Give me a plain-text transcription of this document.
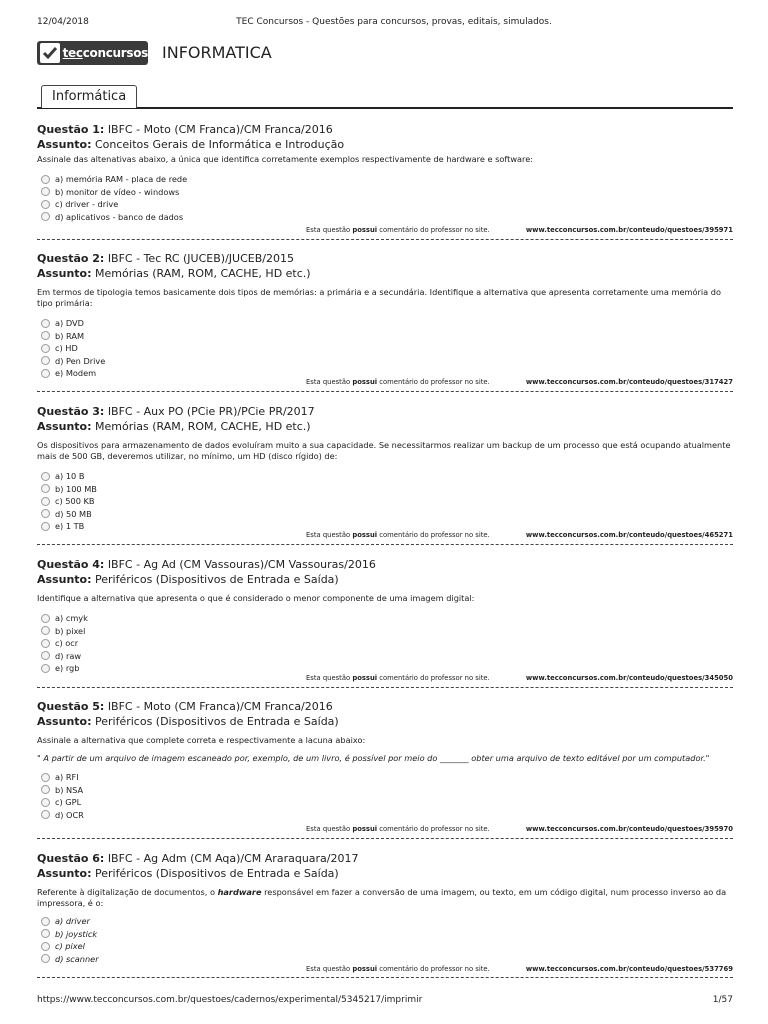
12/04/2018	TEC Concursos - Questões para concursos, provas, editais, simulados.
tecconcursos INFORMATICA
Informática
Questão 1: IBFC - Moto (CM Franca)/CM Franca/2016
Assunto: Conceitos Gerais de Informática e Introdução
Assinale das altenativas abaixo, a única que identifica corretamente exemplos respectivamente de hardware e software:
a) memória RAM - placa de rede
b) monitor de vídeo - windows
c) driver - drive
d) aplicativos - banco de dados
Esta questão possui comentário do professor no site.	www.tecconcursos.com.br/conteudo/questoes/395971
Questão 2: IBFC - Tec RC (JUCEB)/JUCEB/2015
Assunto: Memórias (RAM, ROM, CACHE, HD etc.)
Em termos de tipologia temos basicamente dois tipos de memórias: a primária e a secundária. Identifique a alternativa que apresenta corretamente uma memória do tipo primária:
a) DVD
b) RAM
c) HD
d) Pen Drive
e) Modem
Esta questão possui comentário do professor no site.	www.tecconcursos.com.br/conteudo/questoes/317427
Questão 3: IBFC - Aux PO (PCie PR)/PCie PR/2017
Assunto: Memórias (RAM, ROM, CACHE, HD etc.)
Os dispositivos para armazenamento de dados evoluíram muito a sua capacidade. Se necessitarmos realizar um backup de um processo que está ocupando atualmente mais de 500 GB, deveremos utilizar, no mínimo, um HD (disco rígido) de:
a) 10 B
b) 100 MB
c) 500 KB
d) 50 MB
e) 1 TB
Esta questão possui comentário do professor no site.	www.tecconcursos.com.br/conteudo/questoes/465271
Questão 4: IBFC - Ag Ad (CM Vassouras)/CM Vassouras/2016
Assunto: Periféricos (Dispositivos de Entrada e Saída)
Identifique a alternativa que apresenta o que é considerado o menor componente de uma imagem digital:
a) cmyk
b) pixel
c) ocr
d) raw
e) rgb
Esta questão possui comentário do professor no site.	www.tecconcursos.com.br/conteudo/questoes/345050
Questão 5: IBFC - Moto (CM Franca)/CM Franca/2016
Assunto: Periféricos (Dispositivos de Entrada e Saída)
Assinale a alternativa que complete correta e respectivamente a lacuna abaixo:
" A partir de um arquivo de imagem escaneado por, exemplo, de um livro, é possível por meio do _______ obter uma arquivo de texto editável por um computador."
a) RFI
b) NSA
c) GPL
d) OCR
Esta questão possui comentário do professor no site.	www.tecconcursos.com.br/conteudo/questoes/395970
Questão 6: IBFC - Ag Adm (CM Aqa)/CM Araraquara/2017
Assunto: Periféricos (Dispositivos de Entrada e Saída)
Referente à digitalização de documentos, o hardware responsável em fazer a conversão de uma imagem, ou texto, em um código digital, num processo inverso ao da impressora, é o:
a) driver
b) joystick
c) pixel
d) scanner
Esta questão possui comentário do professor no site.	www.tecconcursos.com.br/conteudo/questoes/537769
https://www.tecconcursos.com.br/questoes/cadernos/experimental/5345217/imprimir	1/57
